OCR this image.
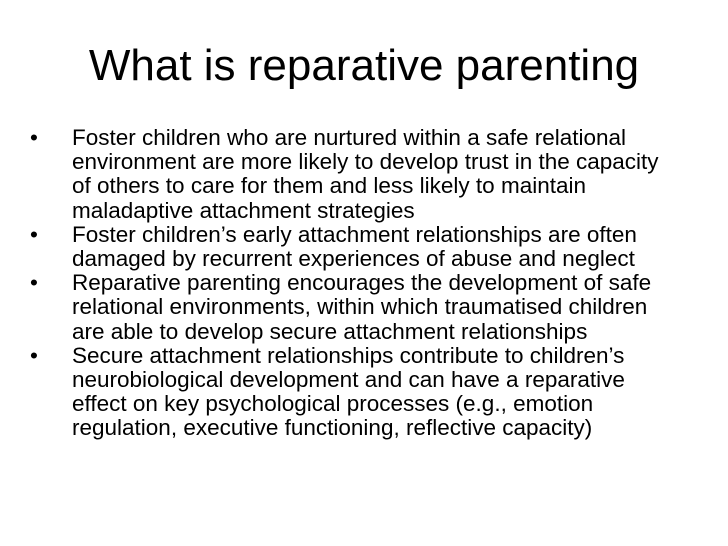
What is reparative parenting
•	Foster children who are nurtured within a safe relational
environment are more likely to develop trust in the capacity
of others to care for them and less likely to maintain
maladaptive attachment strategies
•	Foster children’s early attachment relationships are often
damaged by recurrent experiences of abuse and neglect
•	Reparative parenting encourages the development of safe
relational environments, within which traumatised children
are able to develop secure attachment relationships
•	Secure attachment relationships contribute to children’s
neurobiological development and can have a reparative
effect on key psychological processes (e.g., emotion
regulation, executive functioning, reflective capacity)
